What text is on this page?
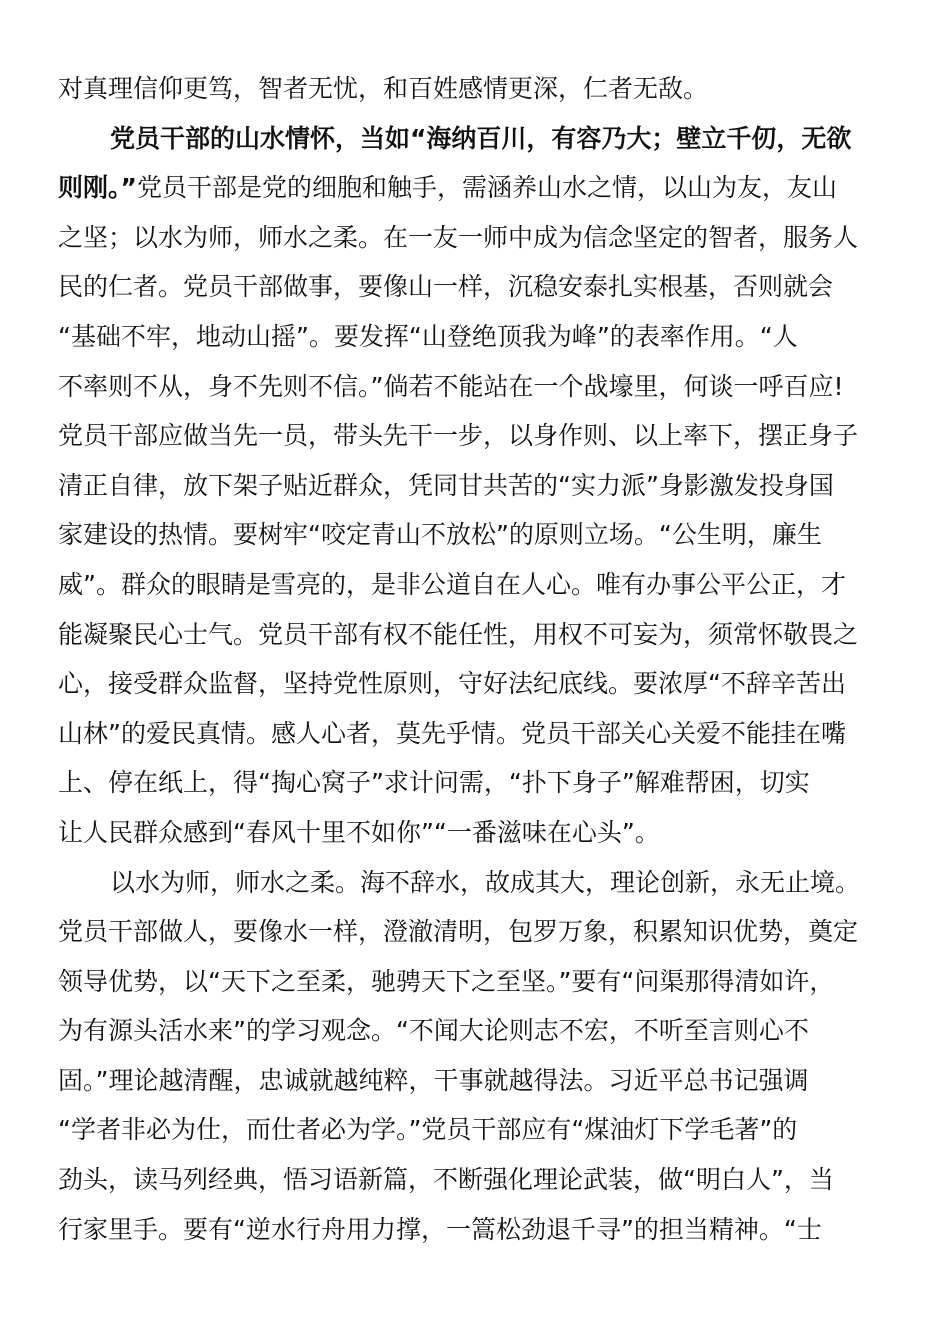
对真理信仰更笃，智者无忧，和百姓感情更深，仁者无敌。
党员干部的山水情怀，当如“海纳百川，有容乃大；壁立千仞，无欲
则刚。”党员干部是党的细胞和触手，需涵养山水之情，以山为友，友山
之坚；以水为师，师水之柔。在一友一师中成为信念坚定的智者，服务人
民的仁者。党员干部做事，要像山一样，沉稳安泰扎实根基，否则就会
“基础不牢，地动山摇”。要发挥“山登绝顶我为峰”的表率作用。“人
不率则不从，身不先则不信。”倘若不能站在一个战壕里，何谈一呼百应!
党员干部应做当先一员，带头先干一步，以身作则、以上率下，摆正身子
清正自律，放下架子贴近群众，凭同甘共苦的“实力派”身影激发投身国
家建设的热情。要树牢“咬定青山不放松”的原则立场。“公生明，廉生
威”。群众的眼睛是雪亮的，是非公道自在人心。唯有办事公平公正，才
能凝聚民心士气。党员干部有权不能任性，用权不可妄为，须常怀敬畏之
心，接受群众监督，坚持党性原则，守好法纪底线。要浓厚“不辞辛苦出
山林”的爱民真情。感人心者，莫先乎情。党员干部关心关爱不能挂在嘴
上、停在纸上，得“掏心窝子”求计问需，“扑下身子”解难帮困，切实
让人民群众感到“春风十里不如你”“一番滋味在心头”。
以水为师，师水之柔。海不辞水，故成其大，理论创新，永无止境。
党员干部做人，要像水一样，澄澈清明，包罗万象，积累知识优势，奠定
领导优势，以“天下之至柔，驰骋天下之至坚。”要有“问渠那得清如许，
为有源头活水来”的学习观念。“不闻大论则志不宏，不听至言则心不
固。”理论越清醒，忠诚就越纯粹，干事就越得法。习近平总书记强调
“学者非必为仕，而仕者必为学。”党员干部应有“煤油灯下学毛著”的
劲头，读马列经典，悟习语新篇，不断强化理论武装，做“明白人”，当
行家里手。要有“逆水行舟用力撑，一篙松劲退千寻”的担当精神。“士
